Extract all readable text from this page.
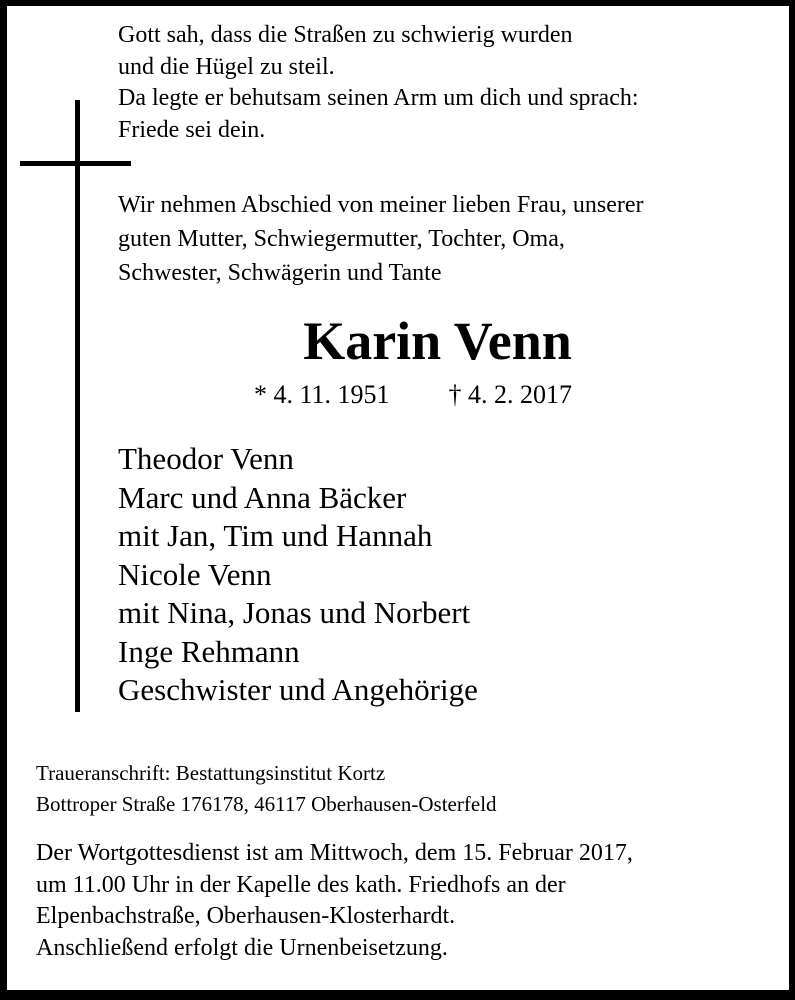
Gott sah, dass die Straßen zu schwierig wurden
und die Hügel zu steil.
Da legte er behutsam seinen Arm um dich und sprach:
Friede sei dein.
Wir nehmen Abschied von meiner lieben Frau, unserer
guten Mutter, Schwiegermutter, Tochter, Oma,
Schwester, Schwägerin und Tante
Karin Venn
* 4. 11. 1951 † 4. 2. 2017
Theodor Venn
Marc und Anna Bäcker
mit Jan, Tim und Hannah
Nicole Venn
mit Nina, Jonas und Norbert
Inge Rehmann
Geschwister und Angehörige
Traueranschrift: Bestattungsinstitut Kortz
Bottroper Straße 176178, 46117 Oberhausen-Osterfeld
Der Wortgottesdienst ist am Mittwoch, dem 15. Februar 2017,
um 11.00 Uhr in der Kapelle des kath. Friedhofs an der
Elpenbachstraße, Oberhausen-Klosterhardt.
Anschließend erfolgt die Urnenbeisetzung.
